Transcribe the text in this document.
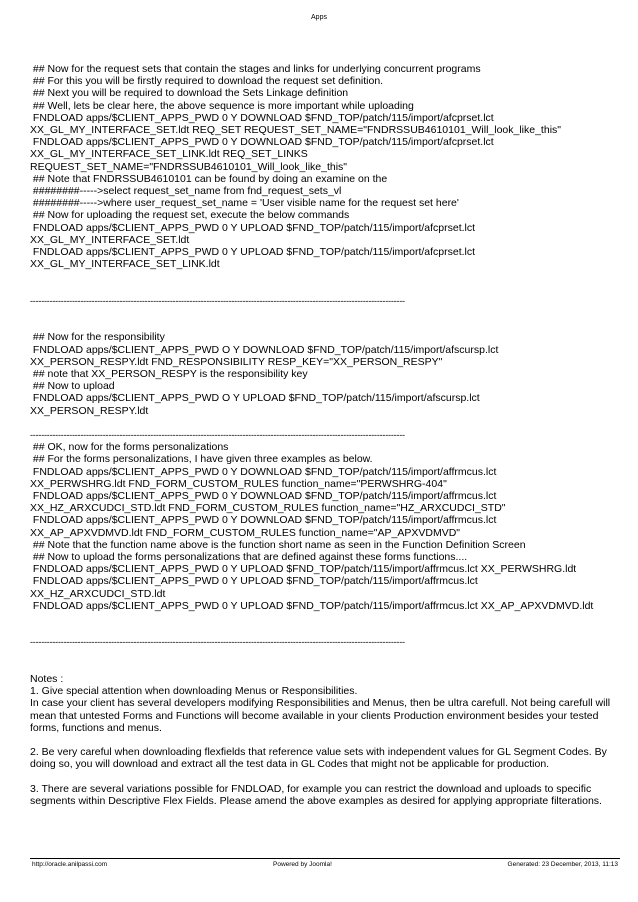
Apps
## Now for the request sets that contain the stages and links for underlying concurrent programs
## For this you will be firstly required to download the request set definition.
## Next you will be required to download the Sets Linkage definition
## Well, lets be clear here, the above sequence is more important while uploading
FNDLOAD apps/$CLIENT_APPS_PWD 0 Y DOWNLOAD $FND_TOP/patch/115/import/afcprset.lct
XX_GL_MY_INTERFACE_SET.ldt REQ_SET REQUEST_SET_NAME="FNDRSSUB4610101_Will_look_like_this"
FNDLOAD apps/$CLIENT_APPS_PWD 0 Y DOWNLOAD $FND_TOP/patch/115/import/afcprset.lct
XX_GL_MY_INTERFACE_SET_LINK.ldt REQ_SET_LINKS
REQUEST_SET_NAME="FNDRSSUB4610101_Will_look_like_this"
## Note that FNDRSSUB4610101 can be found by doing an examine on the
########----->select request_set_name from fnd_request_sets_vl
########----->where user_request_set_name = 'User visible name for the request set here'
## Now for uploading the request set, execute the below commands
FNDLOAD apps/$CLIENT_APPS_PWD 0 Y UPLOAD $FND_TOP/patch/115/import/afcprset.lct
XX_GL_MY_INTERFACE_SET.ldt
FNDLOAD apps/$CLIENT_APPS_PWD 0 Y UPLOAD $FND_TOP/patch/115/import/afcprset.lct
XX_GL_MY_INTERFACE_SET_LINK.ldt
--------------------------------------------------------------------------------------------------------------------------------------
## Now for the responsibility
FNDLOAD apps/$CLIENT_APPS_PWD O Y DOWNLOAD $FND_TOP/patch/115/import/afscursp.lct
XX_PERSON_RESPY.ldt FND_RESPONSIBILITY RESP_KEY="XX_PERSON_RESPY"
## note that XX_PERSON_RESPY is the responsibility key
## Now to upload
FNDLOAD apps/$CLIENT_APPS_PWD O Y UPLOAD $FND_TOP/patch/115/import/afscursp.lct
XX_PERSON_RESPY.ldt
--------------------------------------------------------------------------------------------------------------------------------------
## OK, now for the forms personalizations
## For the forms personalizations, I have given three examples as below.
FNDLOAD apps/$CLIENT_APPS_PWD 0 Y DOWNLOAD $FND_TOP/patch/115/import/affrmcus.lct
XX_PERWSHRG.ldt FND_FORM_CUSTOM_RULES function_name="PERWSHRG-404"
FNDLOAD apps/$CLIENT_APPS_PWD 0 Y DOWNLOAD $FND_TOP/patch/115/import/affrmcus.lct
XX_HZ_ARXCUDCI_STD.ldt FND_FORM_CUSTOM_RULES function_name="HZ_ARXCUDCI_STD"
FNDLOAD apps/$CLIENT_APPS_PWD 0 Y DOWNLOAD $FND_TOP/patch/115/import/affrmcus.lct
XX_AP_APXVDMVD.ldt FND_FORM_CUSTOM_RULES function_name="AP_APXVDMVD"
## Note that the function name above is the function short name as seen in the Function Definition Screen
## Now to upload the forms personalizations that are defined against these forms functions....
FNDLOAD apps/$CLIENT_APPS_PWD 0 Y UPLOAD $FND_TOP/patch/115/import/affrmcus.lct XX_PERWSHRG.ldt
FNDLOAD apps/$CLIENT_APPS_PWD 0 Y UPLOAD $FND_TOP/patch/115/import/affrmcus.lct
XX_HZ_ARXCUDCI_STD.ldt
FNDLOAD apps/$CLIENT_APPS_PWD 0 Y UPLOAD $FND_TOP/patch/115/import/affrmcus.lct XX_AP_APXVDMVD.ldt
--------------------------------------------------------------------------------------------------------------------------------------
Notes :
1. Give special attention when downloading Menus or Responsibilities.
In case your client has several developers modifying Responsibilities and Menus, then be ultra carefull. Not being carefull will mean that untested Forms and Functions will become available in your clients Production environment besides your tested forms, functions and menus.
2. Be very careful when downloading flexfields that reference value sets with independent values for GL Segment Codes. By doing so, you will download and extract all the test data in GL Codes that might not be applicable for production.
3. There are several variations possible for FNDLOAD, for example you can restrict the download and uploads to specific segments within Descriptive Flex Fields. Please amend the above examples as desired for applying appropriate filterations.
http://oracle.anilpassi.com	Powered by Joomla!	Generated: 23 December, 2013, 11:13
